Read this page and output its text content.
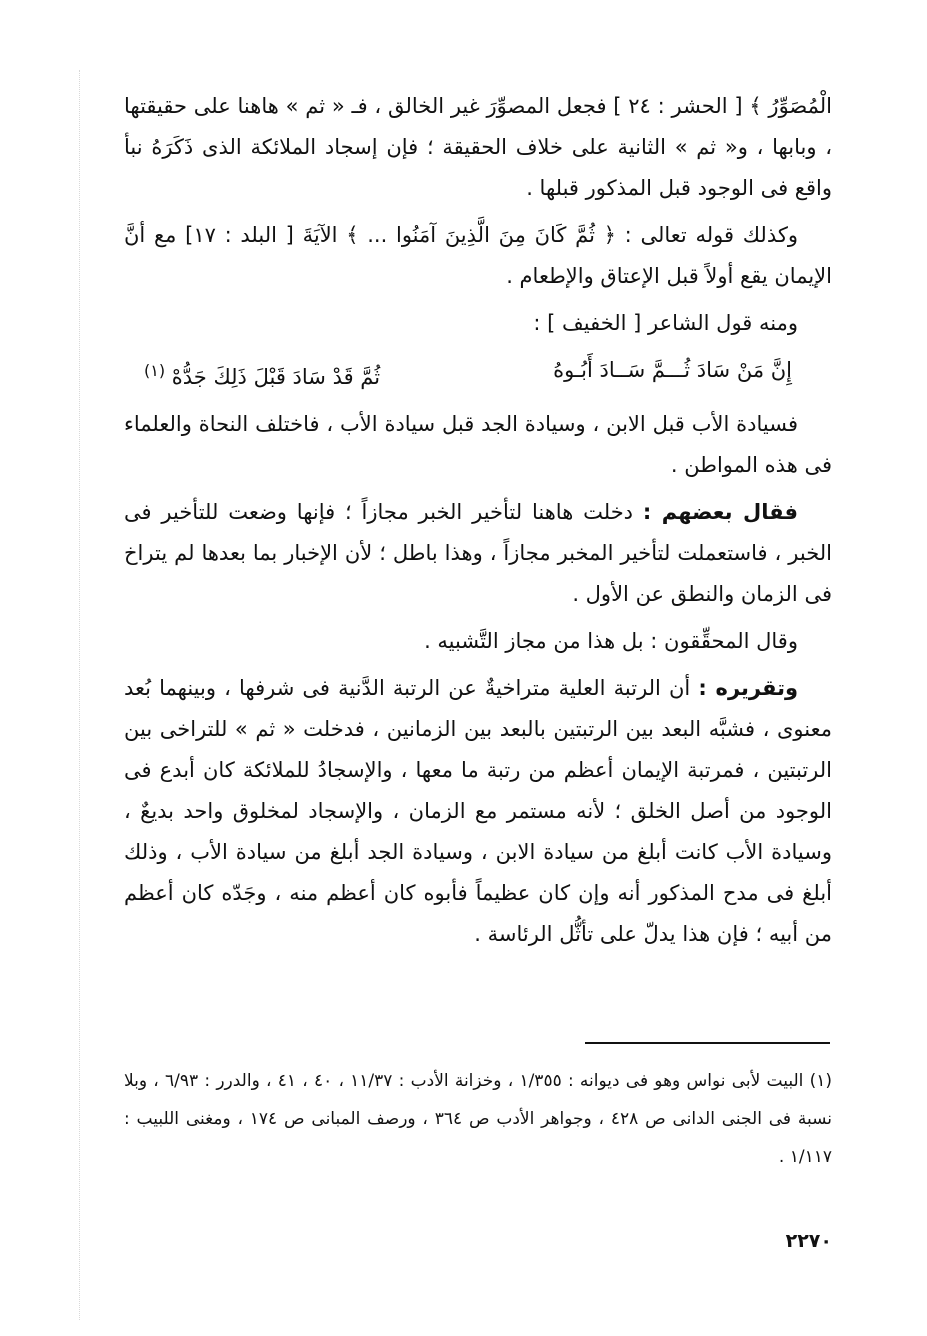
الْمُصَوِّرُ ﴾ [ الحشر : ٢٤ ] فجعل المصوِّرَ غير الخالق ، فـ « ثم » هاهنا على حقيقتها ، وبابها ، و« ثم » الثانية على خلاف الحقيقة ؛ فإن إسجاد الملائكة الذى ذَكَرَهُ نبأ واقع فى الوجود قبل المذكور قبلها .

وكذلك قوله تعالى : ﴿ ثُمَّ كَانَ مِنَ الَّذِينَ آمَنُوا ... ﴾ الآيَةَ [ البلد : ١٧] مع أنَّ الإيمان يقع أولاً قبل الإعتاق والإطعام .

ومنه قول الشاعر [ الخفيف ] :

إِنَّ مَنْ سَادَ ثُـــمَّ سَــادَ أَبُـوهُ
ثُمَّ قَدْ سَادَ قَبْلَ ذَلِكَ جَدُّهْ $^{(١)}$

فسيادة الأب قبل الابن ، وسيادة الجد قبل سيادة الأب ، فاختلف النحاة والعلماء فى هذه المواطن .

فقال بعضهم : دخلت هاهنا لتأخير الخبر مجازاً ؛ فإنها وضعت للتأخير فى الخبر ، فاستعملت لتأخير المخبر مجازاً ، وهذا باطل ؛ لأن الإخبار بما بعدها لم يتراخ فى الزمان والنطق عن الأول .

وقال المحقِّقون : بل هذا من مجاز التَّشبيه .

وتقريره : أن الرتبة العلية متراخيةٌ عن الرتبة الدَّنية فى شرفها ، وبينهما بُعد معنوى ، فشبَّه البعد بين الرتبتين بالبعد بين الزمانين ، فدخلت « ثم » للتراخى بين الرتبتين ، فمرتبة الإيمان أعظم من رتبة ما معها ، والإسجادُ للملائكة كان أبدع فى الوجود من أصل الخلق ؛ لأنه مستمر مع الزمان ، والإسجاد لمخلوق واحد بديعٌ ، وسيادة الأب كانت أبلغ من سيادة الابن ، وسيادة الجد أبلغ من سيادة الأب ، وذلك أبلغ فى مدح المذكور أنه وإن كان عظيماً فأبوه كان أعظم منه ، وجَدّه كان أعظم من أبيه ؛ فإن هذا يدلّ على تأثُّل الرئاسة .

(١) البيت لأبى نواس وهو فى ديوانه : ١/٣٥٥ ، وخزانة الأدب : ١١/٣٧ ، ٤٠ ، ٤١ ، والدرر : ٦/٩٣ ، وبلا نسبة فى الجنى الدانى ص ٤٢٨ ، وجواهر الأدب ص ٣٦٤ ، ورصف المبانى ص ١٧٤ ، ومغنى اللبيب : ١/١١٧ .

٢٢٧٠
